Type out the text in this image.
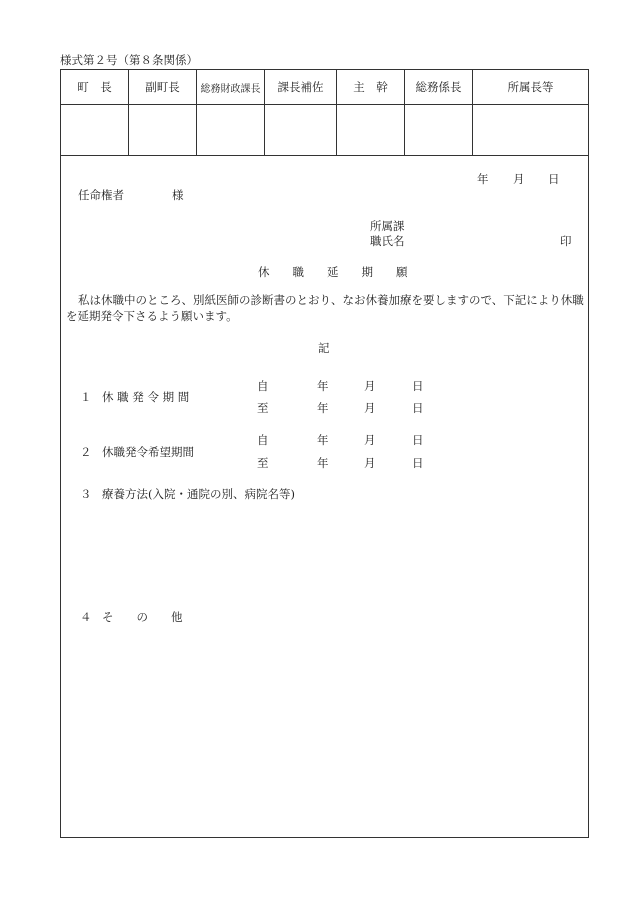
様式第２号（第８条関係）
町　長	副町長	総務財政課長	課長補佐	主　幹	総務係長	所属長等

年 月 日
任命権者	様
所属課
職氏名	印
休　　職　　延　　期　　願
私は休職中のところ、別紙医師の診断書のとおり、なお休養加療を要しますので、下記により休職を延期発令下さるよう願います。
記
１ 休 職 発 令 期 間
自	年	月	日
至	年	月	日
２ 休職発令希望期間
自	年	月	日
至	年	月	日
３ 療養方法(入院・通院の別、病院名等)
４ そ　　の　　他
